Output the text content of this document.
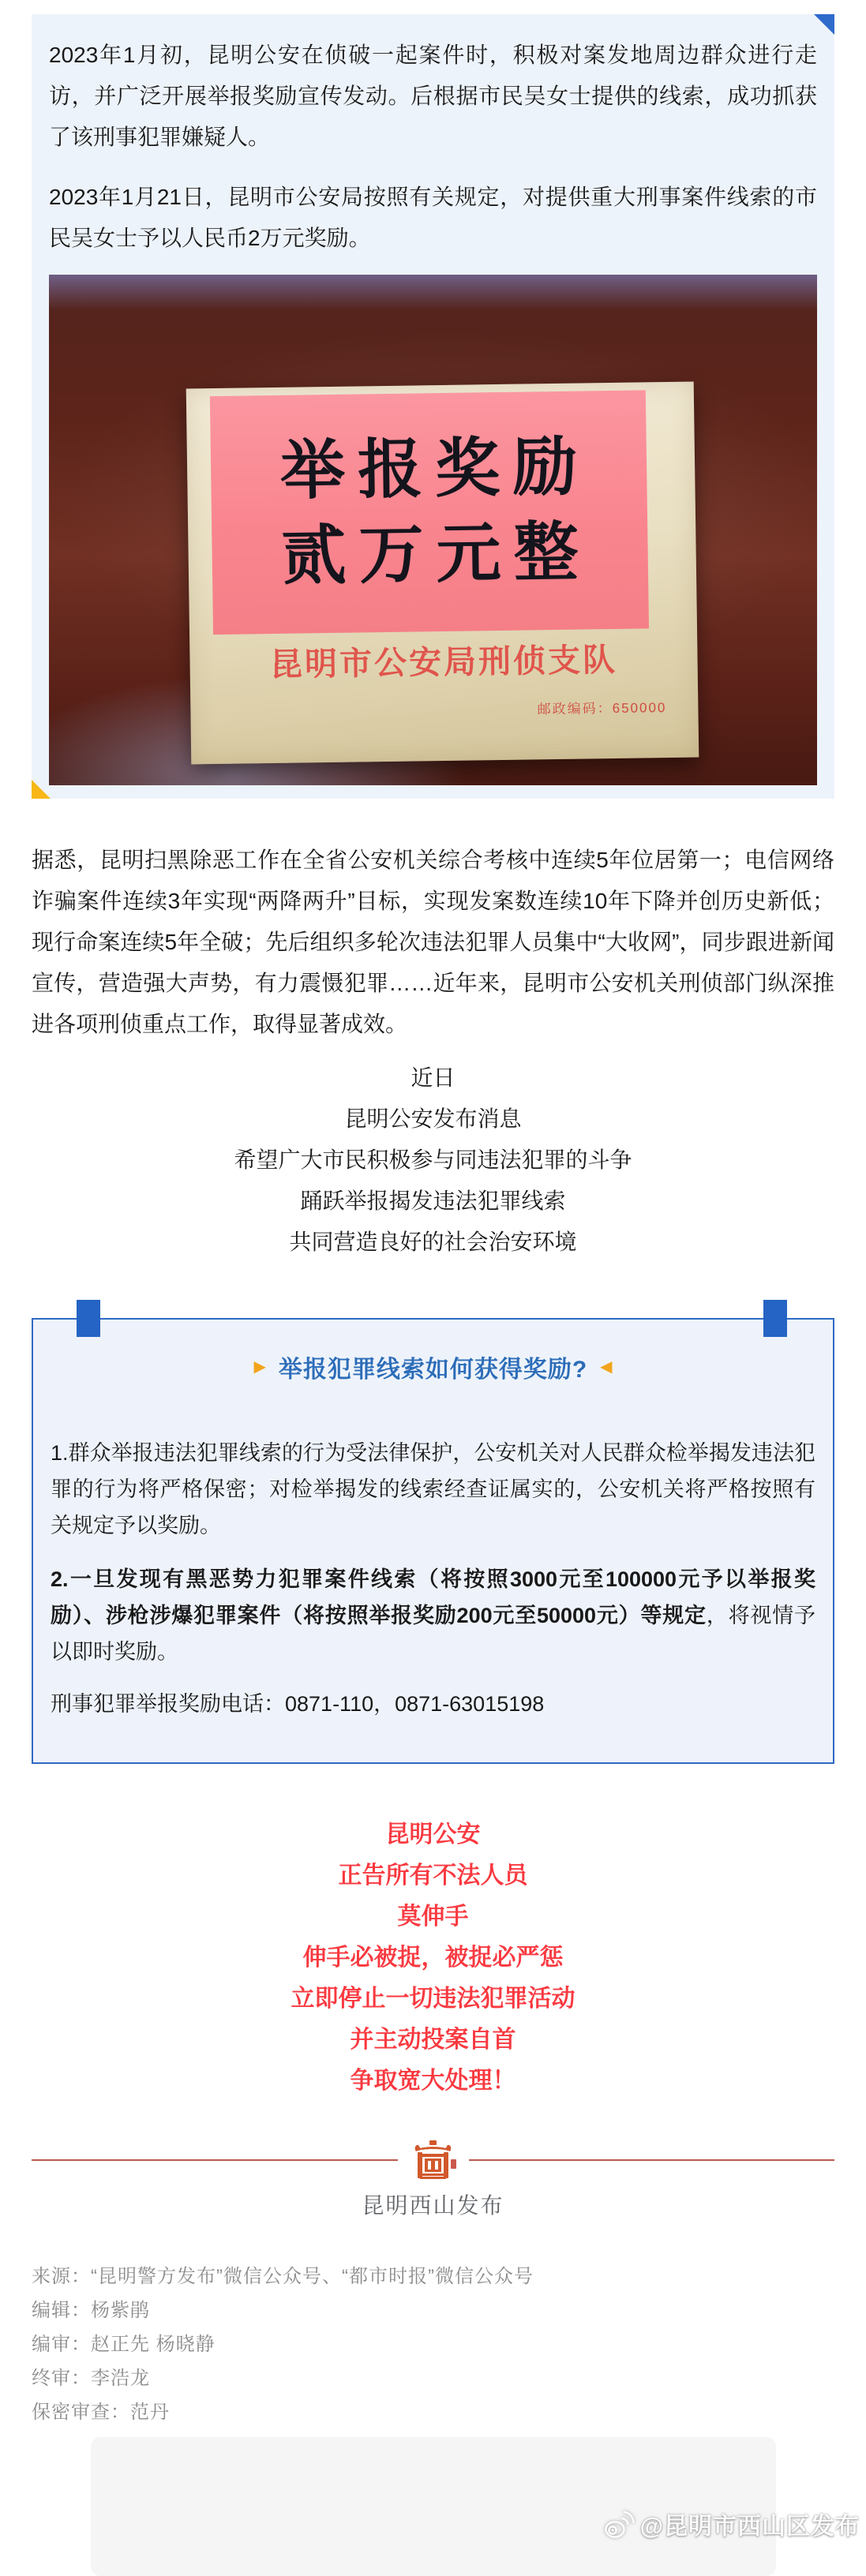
2023年1月初，昆明公安在侦破一起案件时，积极对案发地周边群众进行走访，并广泛开展举报奖励宣传发动。后根据市民吴女士提供的线索，成功抓获了该刑事犯罪嫌疑人。

2023年1月21日，昆明市公安局按照有关规定，对提供重大刑事案件线索的市民吴女士予以人民币2万元奖励。

举报奖励
贰万元整
昆明市公安局刑侦支队
邮政编码：650000

据悉，昆明扫黑除恶工作在全省公安机关综合考核中连续5年位居第一；电信网络诈骗案件连续3年实现“两降两升”目标，实现发案数连续10年下降并创历史新低；现行命案连续5年全破；先后组织多轮次违法犯罪人员集中“大收网”，同步跟进新闻宣传，营造强大声势，有力震慑犯罪……近年来，昆明市公安机关刑侦部门纵深推进各项刑侦重点工作，取得显著成效。

近日

昆明公安发布消息

希望广大市民积极参与同违法犯罪的斗争

踊跃举报揭发违法犯罪线索

共同营造良好的社会治安环境

▶ 举报犯罪线索如何获得奖励? ◀

1.群众举报违法犯罪线索的行为受法律保护，公安机关对人民群众检举揭发违法犯罪的行为将严格保密；对检举揭发的线索经查证属实的，公安机关将严格按照有关规定予以奖励。

2.一旦发现有黑恶势力犯罪案件线索（将按照3000元至100000元予以举报奖励）、涉枪涉爆犯罪案件（将按照举报奖励200元至50000元）等规定，将视情予以即时奖励。

刑事犯罪举报奖励电话：0871-110，0871-63015198

昆明公安

正告所有不法人员

莫伸手

伸手必被捉，被捉必严惩

立即停止一切违法犯罪活动

并主动投案自首

争取宽大处理！

昆明西山发布

来源：“昆明警方发布”微信公众号、“都市时报”微信公众号

编辑：杨紫鹃

编审：赵正先 杨晓静

终审：李浩龙

保密审查：范丹

@昆明市西山区发布
